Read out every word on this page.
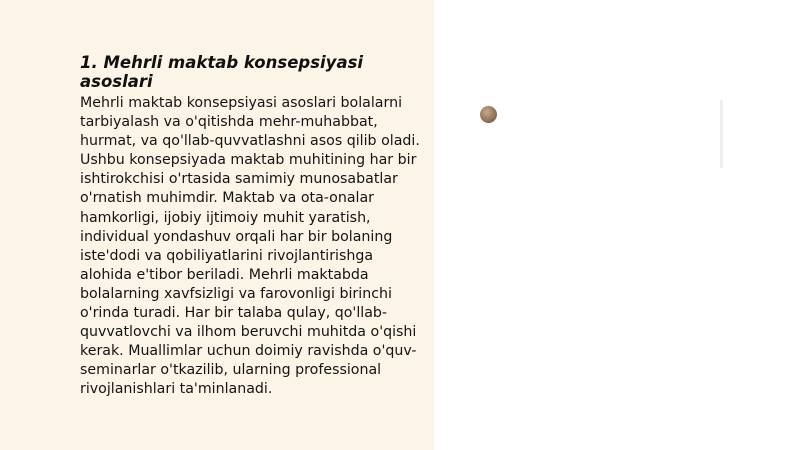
1. Mehrli maktab konsepsiyasi asoslari

Mehrli maktab konsepsiyasi asoslari bolalarni tarbiyalash va o'qitishda mehr-muhabbat, hurmat, va qo'llab-quvvatlashni asos qilib oladi. Ushbu konsepsiyada maktab muhitining har bir ishtirokchisi o'rtasida samimiy munosabatlar o'rnatish muhimdir. Maktab va ota-onalar hamkorligi, ijobiy ijtimoiy muhit yaratish, individual yondashuv orqali har bir bolaning iste'dodi va qobiliyatlarini rivojlantirishga alohida e'tibor beriladi. Mehrli maktabda bolalarning xavfsizligi va farovonligi birinchi o'rinda turadi. Har bir talaba qulay, qo'llab-quvvatlovchi va ilhom beruvchi muhitda o'qishi kerak. Muallimlar uchun doimiy ravishda o'quv-seminarlar o'tkazilib, ularning professional rivojlanishlari ta'minlanadi.
